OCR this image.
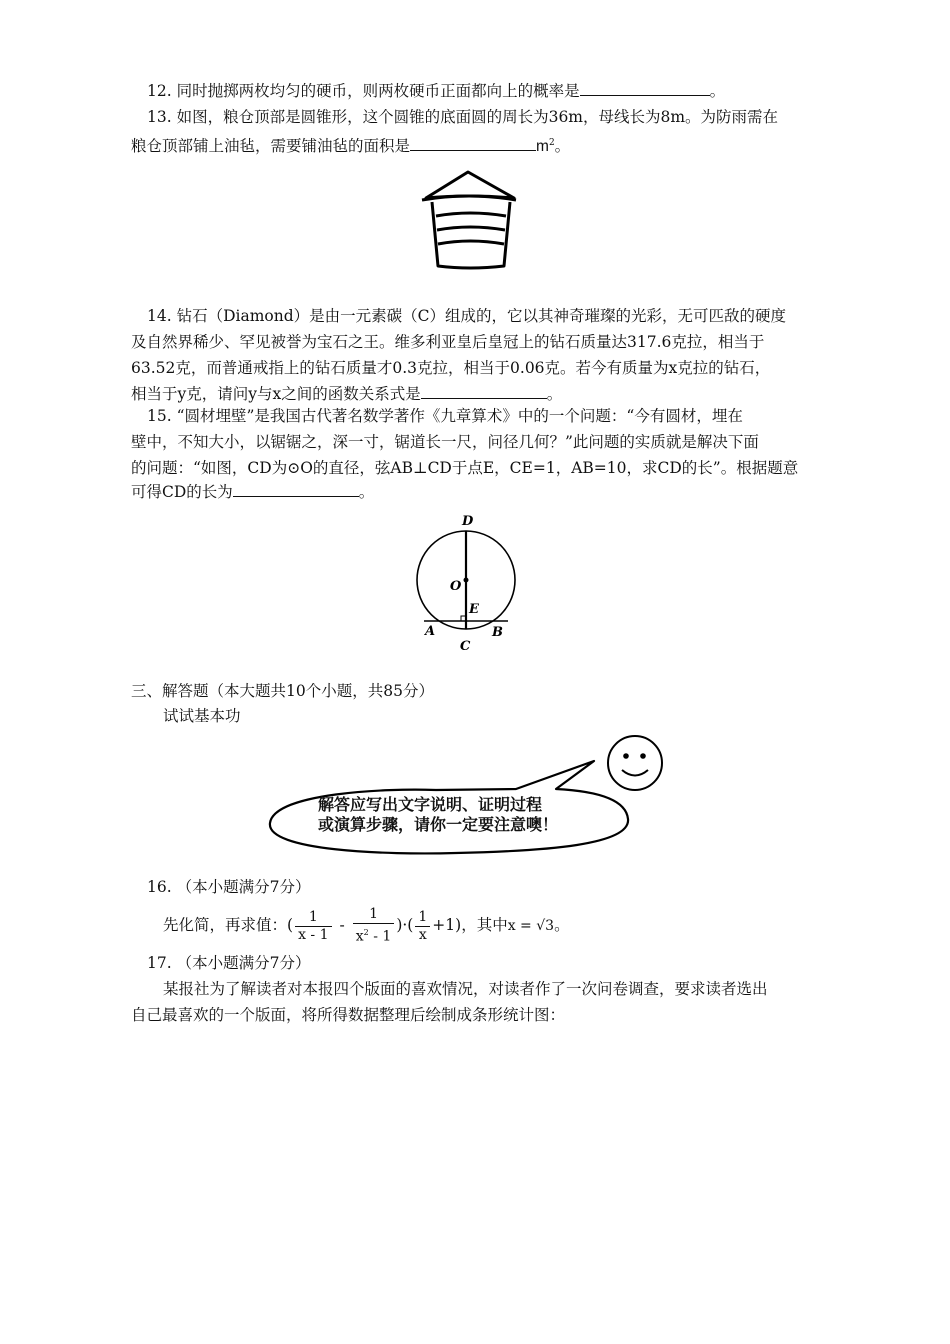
12. 同时抛掷两枚均匀的硬币，则两枚硬币正面都向上的概率是	。
13. 如图，粮仓顶部是圆锥形，这个圆锥的底面圆的周长为36m，母线长为8m。为防雨需在
粮仓顶部铺上油毡，需要铺油毡的面积是	$m^2$。
14. 钻石（Diamond）是由一元素碳（C）组成的，它以其神奇璀璨的光彩，无可匹敌的硬度
及自然界稀少、罕见被誉为宝石之王。维多利亚皇后皇冠上的钻石质量达317.6克拉，相当于
63.52克，而普通戒指上的钻石质量才0.3克拉，相当于0.06克。若今有质量为x克拉的钻石，
相当于y克，请问y与x之间的函数关系式是	。
15. “圆材埋壁”是我国古代著名数学著作《九章算术》中的一个问题：“今有圆材，埋在
壁中，不知大小，以锯锯之，深一寸，锯道长一尺，问径几何？”此问题的实质就是解决下面
的问题：“如图，CD为⊙O的直径，弦AB⊥CD于点E，CE=1，AB=10，求CD的长”。根据题意
可得CD的长为	。
D
O
E
A	B
C
三、解答题（本大题共10个小题，共85分）
试试基本功
解答应写出文字说明、证明过程
或演算步骤，请你一定要注意噢！
16. （本小题满分7分）
先化简，再求值：( $\frac{1}{x - 1} - \frac{1}{x^2 - 1}$ )·( $\frac{1}{x} +1$)，其中x = √3。
17. （本小题满分7分）
某报社为了解读者对本报四个版面的喜欢情况，对读者作了一次问卷调查，要求读者选出
自己最喜欢的一个版面，将所得数据整理后绘制成条形统计图：
